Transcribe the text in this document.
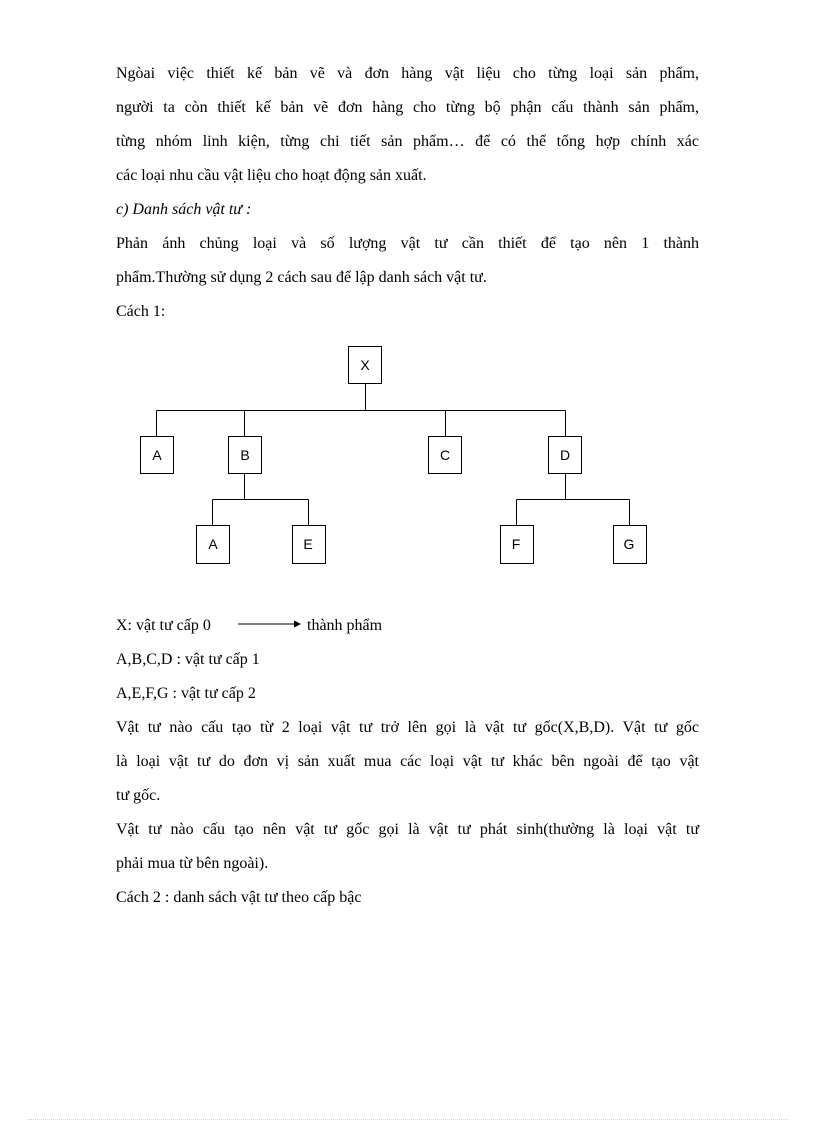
Ngòai việc thiết kế bản vẽ và đơn hàng vật liệu cho từng loại sản phẩm,
người ta còn thiết kế bản vẽ đơn hàng cho từng bộ phận cấu thành sản phẩm,
từng nhóm linh kiện, từng chi tiết sản phẩm… để có thể tổng hợp chính xác
các loại nhu cầu vật liệu cho hoạt động sản xuất.
c) Danh sách vật tư :
Phản ánh chủng loại và số lượng vật tư cần thiết để tạo nên 1 thành
phẩm.Thường sử dụng 2 cách sau để lập danh sách vật tư.
Cách 1:
X
A	B	C	D
A	E	F	G
X: vật tư cấp 0	thành phẩm
A,B,C,D : vật tư cấp 1
A,E,F,G : vật tư cấp 2
Vật tư nào cấu tạo từ 2 loại vật tư trở lên gọi là vật tư gốc(X,B,D). Vật tư gốc
là loại vật tư do đơn vị sản xuất mua các loại vật tư khác bên ngoài để tạo vật
tư gốc.
Vật tư nào cấu tạo nên vật tư gốc gọi là vật tư phát sinh(thường là loại vật tư
phải mua từ bên ngoài).
Cách 2 : danh sách vật tư theo cấp bậc
